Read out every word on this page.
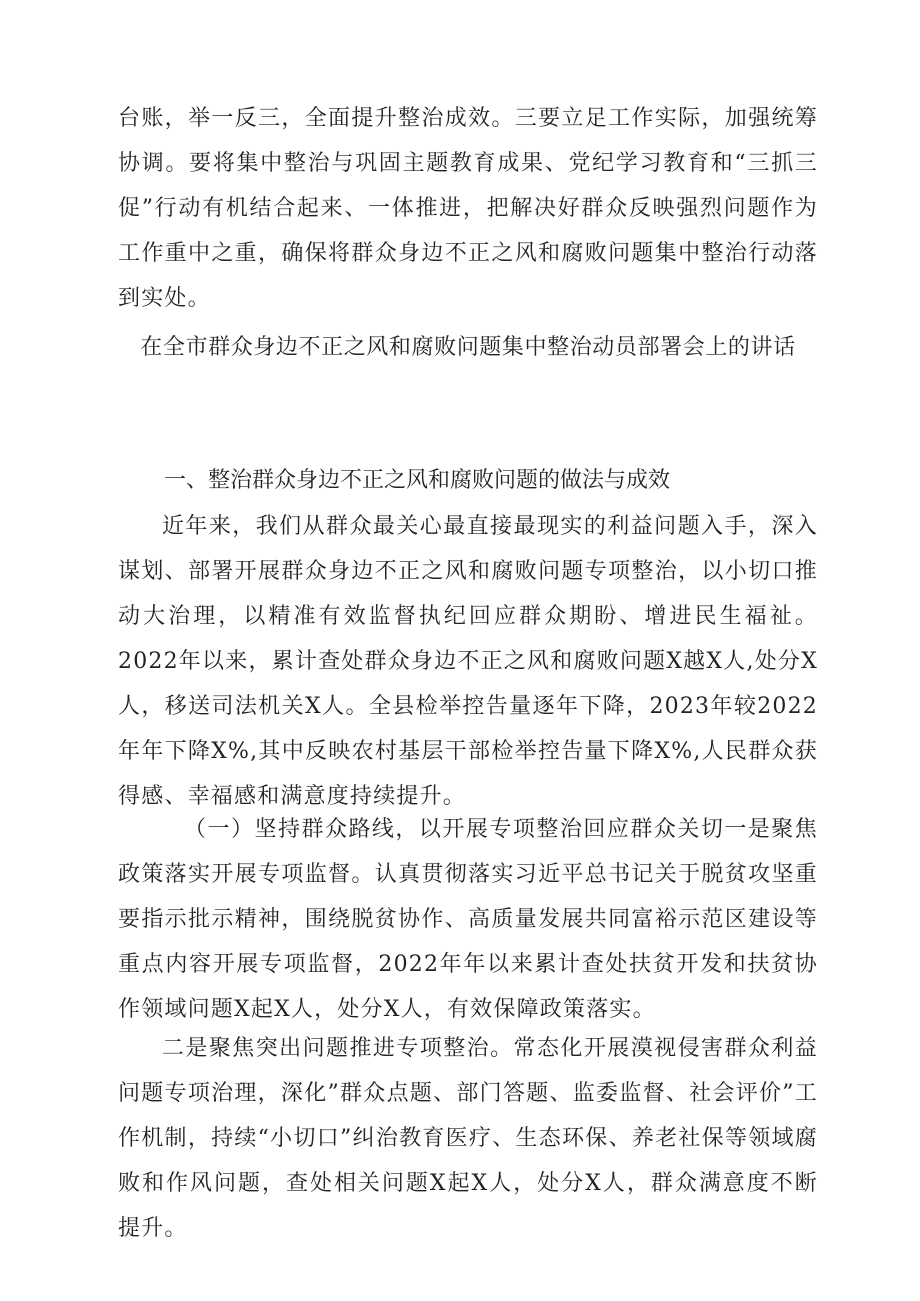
台账，举一反三，全面提升整治成效。三要立足工作实际，加强统筹协调。要将集中整治与巩固主题教育成果、党纪学习教育和“三抓三促”行动有机结合起来、一体推进，把解决好群众反映强烈问题作为工作重中之重，确保将群众身边不正之风和腐败问题集中整治行动落到实处。

在全市群众身边不正之风和腐败问题集中整治动员部署会上的讲话

一、整治群众身边不正之风和腐败问题的做法与成效

近年来，我们从群众最关心最直接最现实的利益问题入手，深入谋划、部署开展群众身边不正之风和腐败问题专项整治，以小切口推动大治理，以精准有效监督执纪回应群众期盼、增进民生福祉。2022年以来，累计查处群众身边不正之风和腐败问题X越X人,处分X人，移送司法机关X人。全县检举控告量逐年下降，2023年较2022年年下降X%,其中反映农村基层干部检举控告量下降X%,人民群众获得感、幸福感和满意度持续提升。

（一）坚持群众路线，以开展专项整治回应群众关切一是聚焦政策落实开展专项监督。认真贯彻落实习近平总书记关于脱贫攻坚重要指示批示精神，围绕脱贫协作、高质量发展共同富裕示范区建设等重点内容开展专项监督，2022年年以来累计查处扶贫开发和扶贫协作领域问题X起X人，处分X人，有效保障政策落实。

二是聚焦突出问题推进专项整治。常态化开展漠视侵害群众利益问题专项治理，深化”群众点题、部门答题、监委监督、社会评价”工作机制，持续“小切口”纠治教育医疗、生态环保、养老社保等领域腐败和作风问题，查处相关问题X起X人，处分X人，群众满意度不断提升。
